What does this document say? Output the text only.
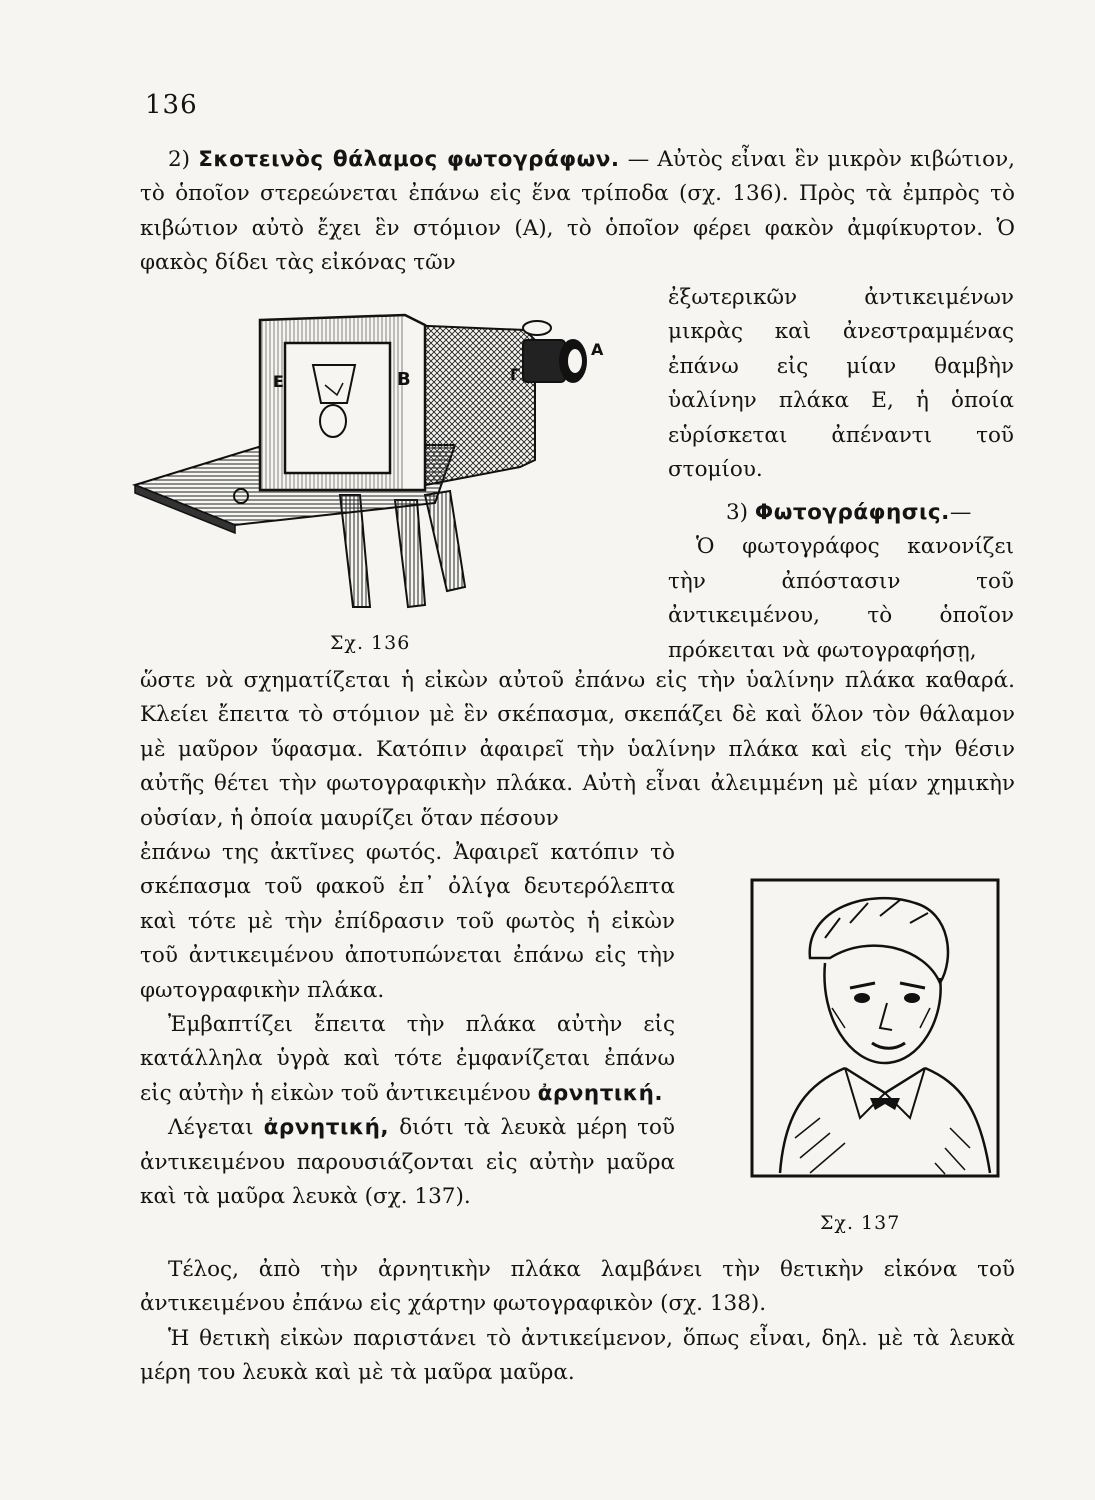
136

2) Σκοτεινὸς θάλαμος φωτογράφων. — Αὐτὸς εἶναι ἓν μικρὸν κιβώτιον, τὸ ὁποῖον στερεώνεται ἐπάνω εἰς ἕνα τρίποδα (σχ. 136). Πρὸς τὰ ἐμπρὸς τὸ κιβώτιον αὐτὸ ἔχει ἓν στόμιον (Α), τὸ ὁποῖον φέρει φακὸν ἀμφίκυρτον. Ὁ φακὸς δίδει τὰς εἰκόνας τῶν

Α
Γ
Β
Ε
Σχ. 136

ἐξωτερικῶν ἀντικειμένων μικρὰς καὶ ἀνεστραμμένας ἐπάνω εἰς μίαν θαμβὴν ὑαλίνην πλάκα Ε, ἡ ὁποία εὑρίσκεται ἀπέναντι τοῦ στομίου.

3) Φωτογράφησις.—

Ὁ φωτογράφος κανονίζει τὴν ἀπόστασιν τοῦ ἀντικειμένου, τὸ ὁποῖον πρόκειται νὰ φωτογραφήσῃ,

ὥστε νὰ σχηματίζεται ἡ εἰκὼν αὐτοῦ ἐπάνω εἰς τὴν ὑαλίνην πλάκα καθαρά. Κλείει ἔπειτα τὸ στόμιον μὲ ἓν σκέπασμα, σκεπάζει δὲ καὶ ὅλον τὸν θάλαμον μὲ μαῦρον ὕφασμα. Κατόπιν ἀφαιρεῖ τὴν ὑαλίνην πλάκα καὶ εἰς τὴν θέσιν αὐτῆς θέτει τὴν φωτογραφικὴν πλάκα. Αὐτὴ εἶναι ἀλειμμένη μὲ μίαν χημικὴν οὐσίαν, ἡ ὁποία μαυρίζει ὅταν πέσουν

ἐπάνω της ἀκτῖνες φωτός. Ἀφαιρεῖ κατόπιν τὸ σκέπασμα τοῦ φακοῦ ἐπ᾽ ὀλίγα δευτερόλεπτα καὶ τότε μὲ τὴν ἐπίδρασιν τοῦ φωτὸς ἡ εἰκὼν τοῦ ἀντικειμένου ἀποτυπώνεται ἐπάνω εἰς τὴν φωτογραφικὴν πλάκα.

Ἐμβαπτίζει ἔπειτα τὴν πλάκα αὐτὴν εἰς κατάλληλα ὑγρὰ καὶ τότε ἐμφανίζεται ἐπάνω εἰς αὐτὴν ἡ εἰκὼν τοῦ ἀντικειμένου ἀρνητική.

Λέγεται ἀρνητική, διότι τὰ λευκὰ μέρη τοῦ ἀντικειμένου παρουσιάζονται εἰς αὐτὴν μαῦρα καὶ τὰ μαῦρα λευκὰ (σχ. 137).

Σχ. 137

Τέλος, ἀπὸ τὴν ἀρνητικὴν πλάκα λαμβάνει τὴν θετικὴν εἰκόνα τοῦ ἀντικειμένου ἐπάνω εἰς χάρτην φωτογραφικὸν (σχ. 138).

Ἡ θετικὴ εἰκὼν παριστάνει τὸ ἀντικείμενον, ὅπως εἶναι, δηλ. μὲ τὰ λευκὰ μέρη του λευκὰ καὶ μὲ τὰ μαῦρα μαῦρα.
